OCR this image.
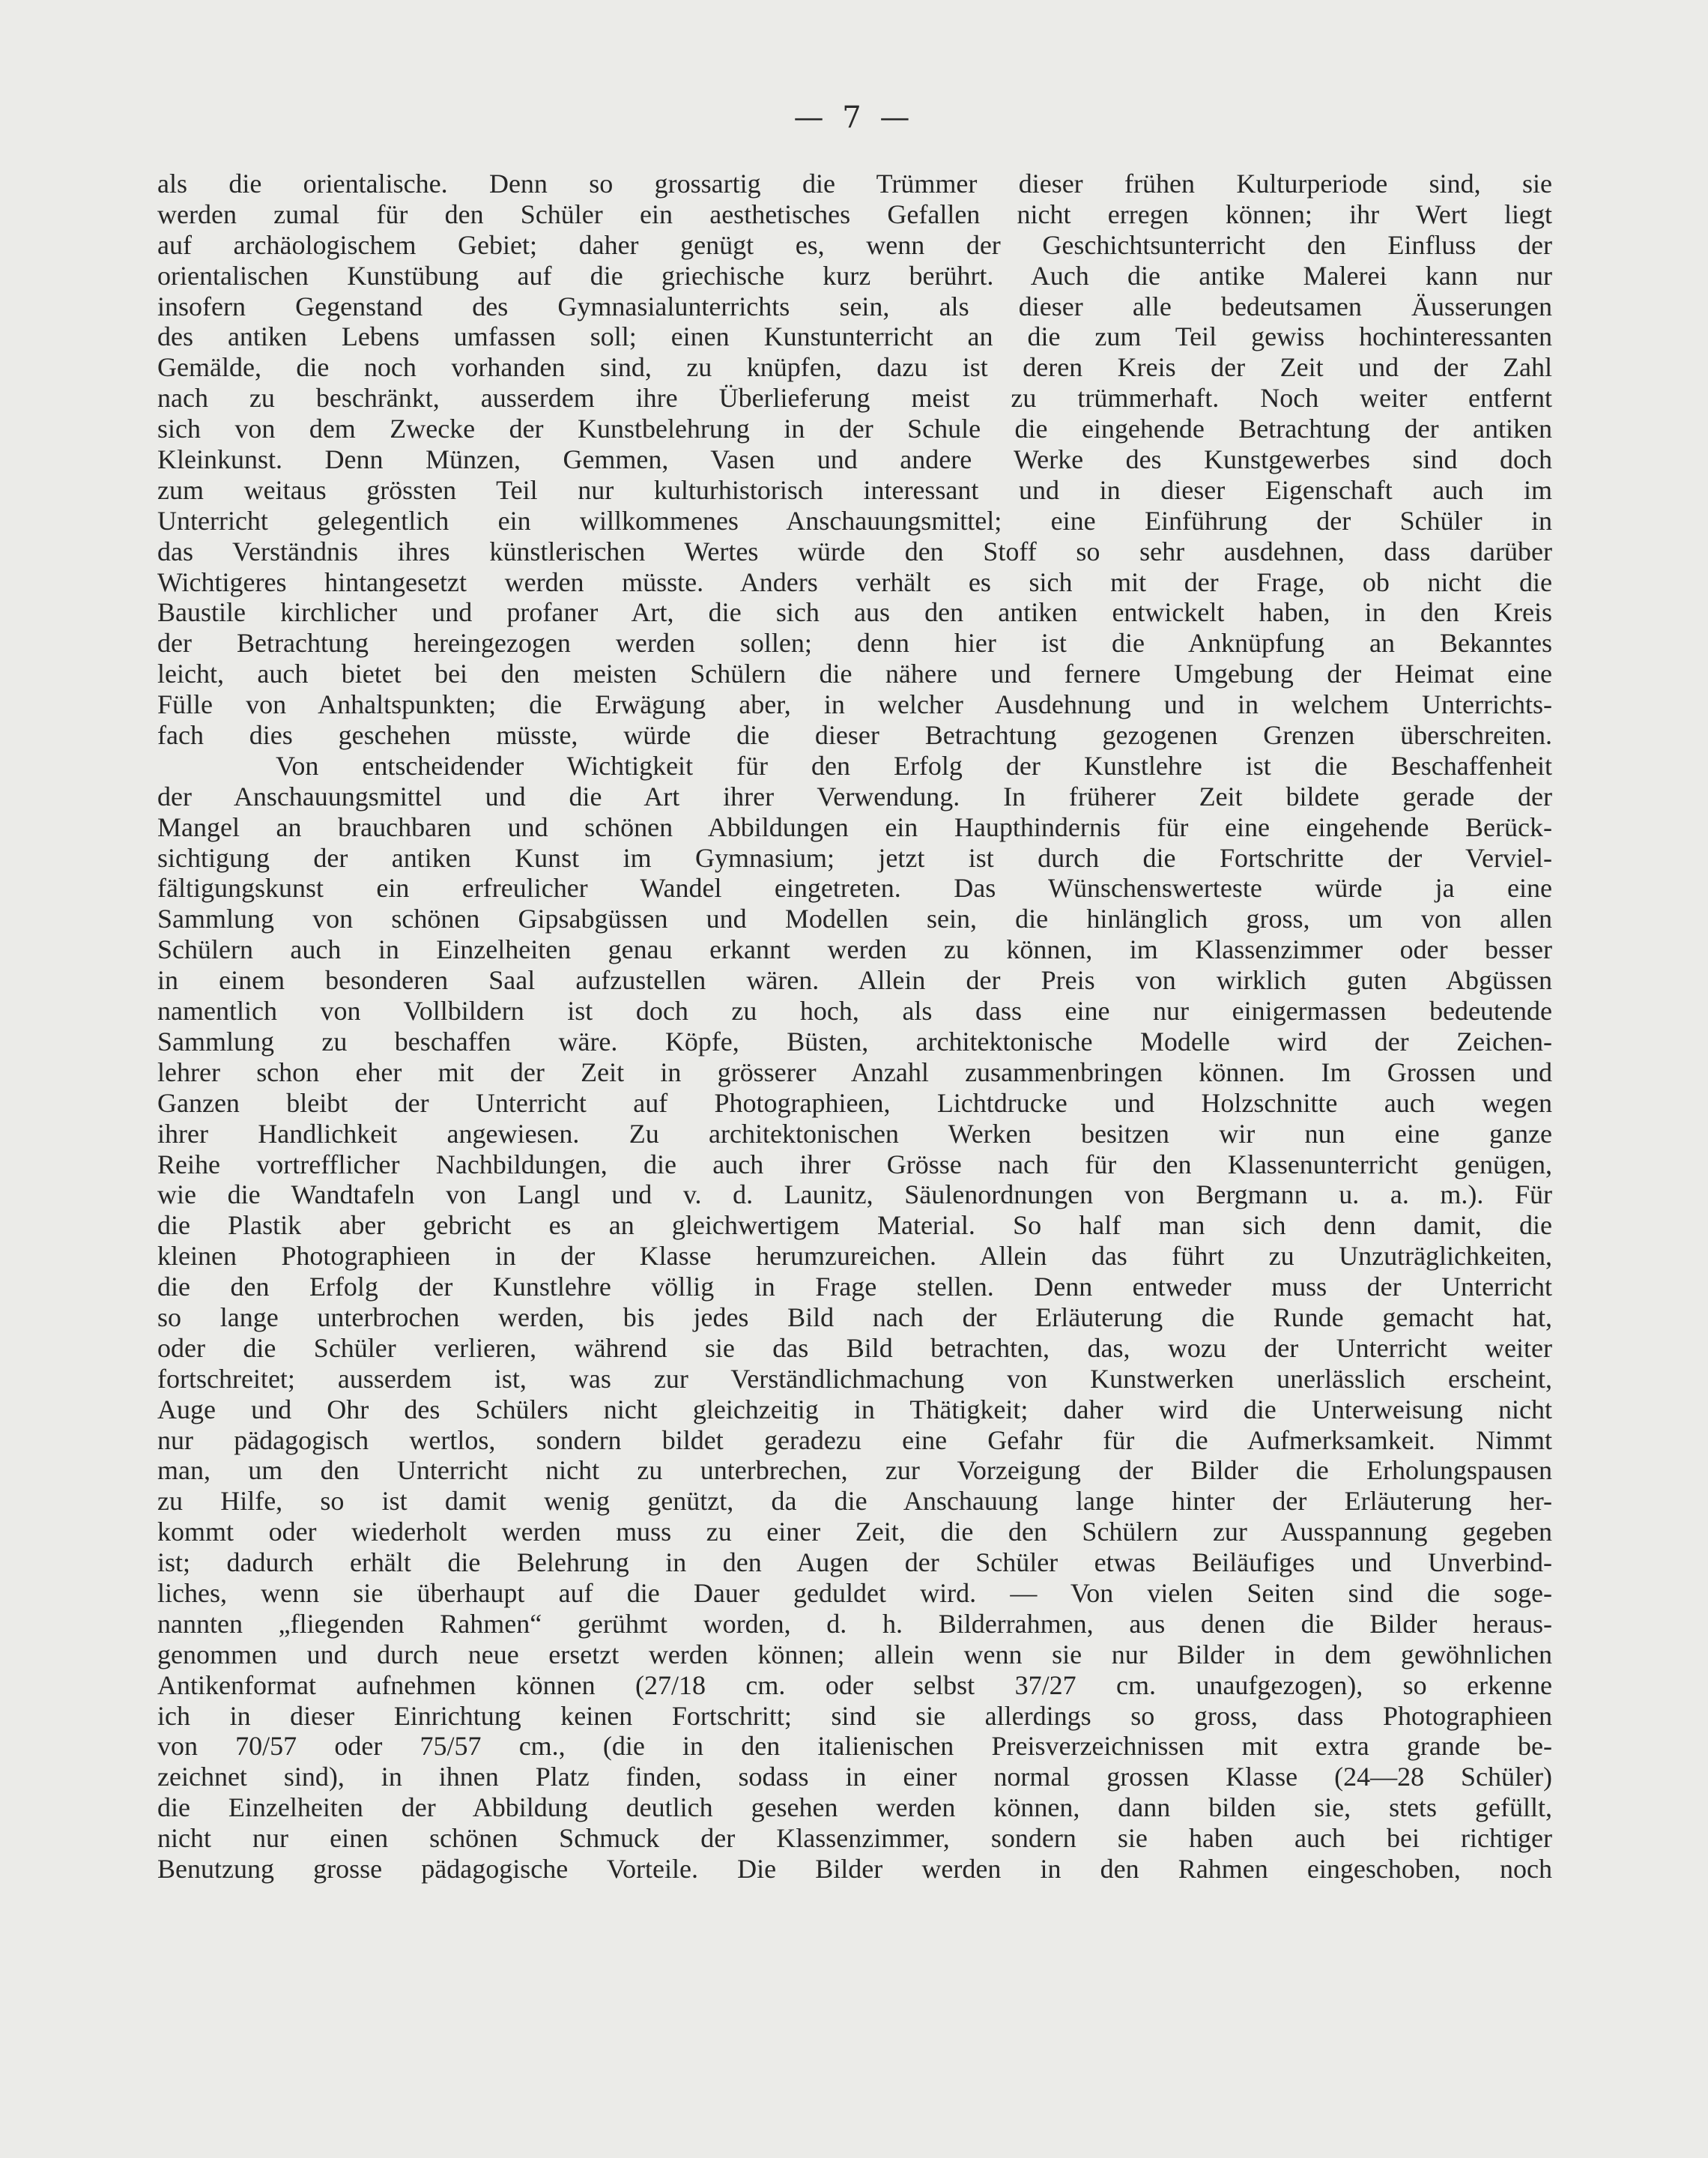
— 7 —
als die orientalische. Denn so grossartig die Trümmer dieser frühen Kulturperiode sind, sie
werden zumal für den Schüler ein aesthetisches Gefallen nicht erregen können; ihr Wert liegt
auf archäologischem Gebiet; daher genügt es, wenn der Geschichtsunterricht den Einfluss der
orientalischen Kunstübung auf die griechische kurz berührt. Auch die antike Malerei kann nur
insofern Gegenstand des Gymnasialunterrichts sein, als dieser alle bedeutsamen Äusserungen
des antiken Lebens umfassen soll; einen Kunstunterricht an die zum Teil gewiss hochinteressanten
Gemälde, die noch vorhanden sind, zu knüpfen, dazu ist deren Kreis der Zeit und der Zahl
nach zu beschränkt, ausserdem ihre Überlieferung meist zu trümmerhaft. Noch weiter entfernt
sich von dem Zwecke der Kunstbelehrung in der Schule die eingehende Betrachtung der antiken
Kleinkunst. Denn Münzen, Gemmen, Vasen und andere Werke des Kunstgewerbes sind doch
zum weitaus grössten Teil nur kulturhistorisch interessant und in dieser Eigenschaft auch im
Unterricht gelegentlich ein willkommenes Anschauungsmittel; eine Einführung der Schüler in
das Verständnis ihres künstlerischen Wertes würde den Stoff so sehr ausdehnen, dass darüber
Wichtigeres hintangesetzt werden müsste. Anders verhält es sich mit der Frage, ob nicht die
Baustile kirchlicher und profaner Art, die sich aus den antiken entwickelt haben, in den Kreis
der Betrachtung hereingezogen werden sollen; denn hier ist die Anknüpfung an Bekanntes
leicht, auch bietet bei den meisten Schülern die nähere und fernere Umgebung der Heimat eine
Fülle von Anhaltspunkten; die Erwägung aber, in welcher Ausdehnung und in welchem Unterrichts-
fach dies geschehen müsste, würde die dieser Betrachtung gezogenen Grenzen überschreiten.
Von entscheidender Wichtigkeit für den Erfolg der Kunstlehre ist die Beschaffenheit
der Anschauungsmittel und die Art ihrer Verwendung. In früherer Zeit bildete gerade der
Mangel an brauchbaren und schönen Abbildungen ein Haupthindernis für eine eingehende Berück-
sichtigung der antiken Kunst im Gymnasium; jetzt ist durch die Fortschritte der Verviel-
fältigungskunst ein erfreulicher Wandel eingetreten. Das Wünschenswerteste würde ja eine
Sammlung von schönen Gipsabgüssen und Modellen sein, die hinlänglich gross, um von allen
Schülern auch in Einzelheiten genau erkannt werden zu können, im Klassenzimmer oder besser
in einem besonderen Saal aufzustellen wären. Allein der Preis von wirklich guten Abgüssen
namentlich von Vollbildern ist doch zu hoch, als dass eine nur einigermassen bedeutende
Sammlung zu beschaffen wäre. Köpfe, Büsten, architektonische Modelle wird der Zeichen-
lehrer schon eher mit der Zeit in grösserer Anzahl zusammenbringen können. Im Grossen und
Ganzen bleibt der Unterricht auf Photographieen, Lichtdrucke und Holzschnitte auch wegen
ihrer Handlichkeit angewiesen. Zu architektonischen Werken besitzen wir nun eine ganze
Reihe vortrefflicher Nachbildungen, die auch ihrer Grösse nach für den Klassenunterricht genügen,
wie die Wandtafeln von Langl und v. d. Launitz, Säulenordnungen von Bergmann u. a. m.). Für
die Plastik aber gebricht es an gleichwertigem Material. So half man sich denn damit, die
kleinen Photographieen in der Klasse herumzureichen. Allein das führt zu Unzuträglichkeiten,
die den Erfolg der Kunstlehre völlig in Frage stellen. Denn entweder muss der Unterricht
so lange unterbrochen werden, bis jedes Bild nach der Erläuterung die Runde gemacht hat,
oder die Schüler verlieren, während sie das Bild betrachten, das, wozu der Unterricht weiter
fortschreitet; ausserdem ist, was zur Verständlichmachung von Kunstwerken unerlässlich erscheint,
Auge und Ohr des Schülers nicht gleichzeitig in Thätigkeit; daher wird die Unterweisung nicht
nur pädagogisch wertlos, sondern bildet geradezu eine Gefahr für die Aufmerksamkeit. Nimmt
man, um den Unterricht nicht zu unterbrechen, zur Vorzeigung der Bilder die Erholungspausen
zu Hilfe, so ist damit wenig genützt, da die Anschauung lange hinter der Erläuterung her-
kommt oder wiederholt werden muss zu einer Zeit, die den Schülern zur Ausspannung gegeben
ist; dadurch erhält die Belehrung in den Augen der Schüler etwas Beiläufiges und Unverbind-
liches, wenn sie überhaupt auf die Dauer geduldet wird. — Von vielen Seiten sind die soge-
nannten „fliegenden Rahmen“ gerühmt worden, d. h. Bilderrahmen, aus denen die Bilder heraus-
genommen und durch neue ersetzt werden können; allein wenn sie nur Bilder in dem gewöhnlichen
Antikenformat aufnehmen können (27/18 cm. oder selbst 37/27 cm. unaufgezogen), so erkenne
ich in dieser Einrichtung keinen Fortschritt; sind sie allerdings so gross, dass Photographieen
von 70/57 oder 75/57 cm., (die in den italienischen Preisverzeichnissen mit extra grande be-
zeichnet sind), in ihnen Platz finden, sodass in einer normal grossen Klasse (24—28 Schüler)
die Einzelheiten der Abbildung deutlich gesehen werden können, dann bilden sie, stets gefüllt,
nicht nur einen schönen Schmuck der Klassenzimmer, sondern sie haben auch bei richtiger
Benutzung grosse pädagogische Vorteile. Die Bilder werden in den Rahmen eingeschoben, noch
